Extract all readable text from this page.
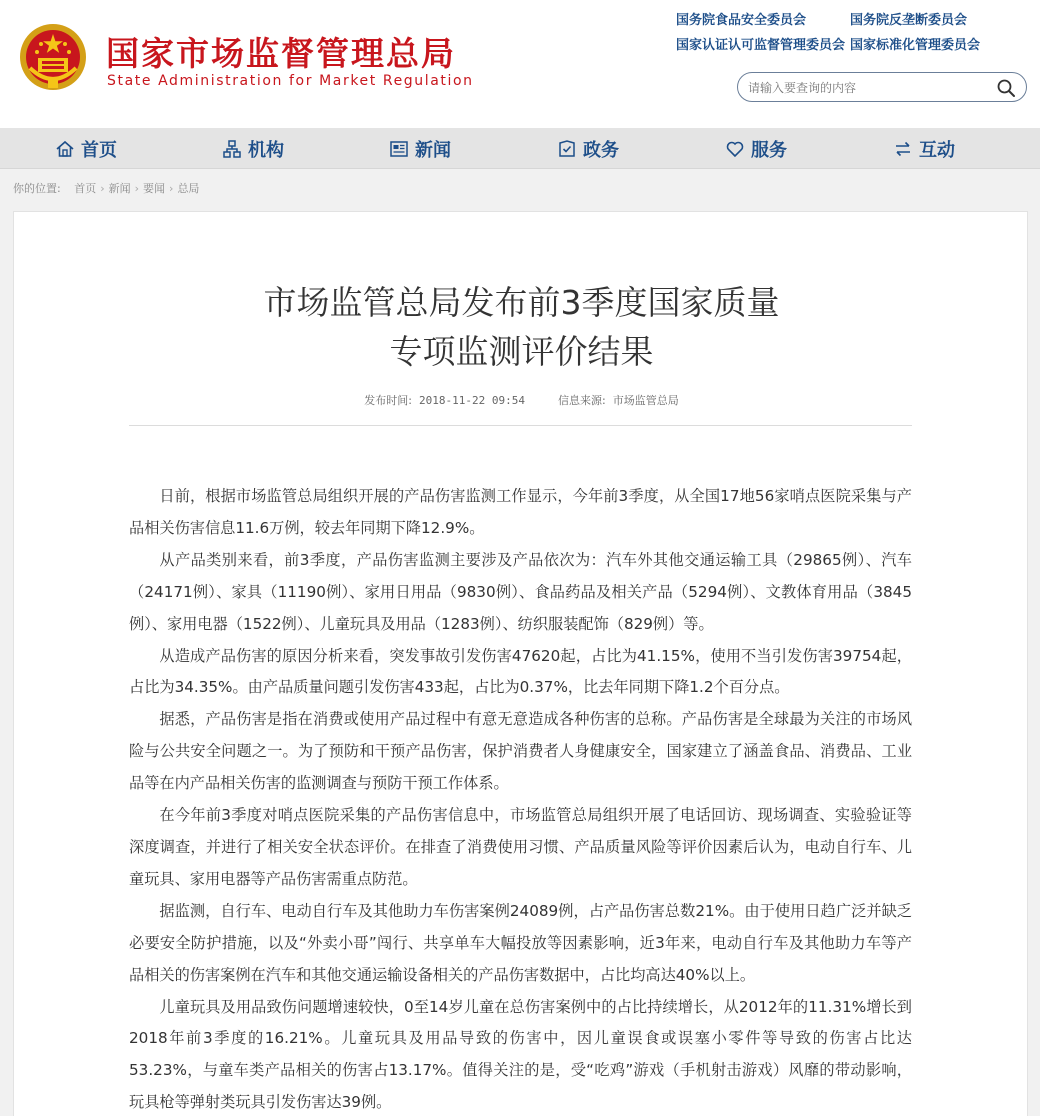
国家市场监督管理总局
State Administration for Market Regulation
国务院食品安全委员会	国务院反垄断委员会国家认证认可监督管理委员会 国家标准化管理委员会
请输入要查询的内容
首页	机构	新闻	政务	服务	互动
你的位置: 首页 › 新闻 › 要闻 › 总局
市场监管总局发布前3季度国家质量
专项监测评价结果
发布时间: 2018-11-22 09:54	信息来源: 市场监管总局

日前，根据市场监管总局组织开展的产品伤害监测工作显示，今年前3季度，从全国17地56家哨点医院采集与产品相关伤害信息11.6万例，较去年同期下降12.9%。

从产品类别来看，前3季度，产品伤害监测主要涉及产品依次为：汽车外其他交通运输工具（29865例）、汽车（24171例）、家具（11190例）、家用日用品（9830例）、食品药品及相关产品（5294例）、文教体育用品（3845例）、家用电器（1522例）、儿童玩具及用品（1283例）、纺织服装配饰（829例）等。

从造成产品伤害的原因分析来看，突发事故引发伤害47620起，占比为41.15%，使用不当引发伤害39754起，占比为34.35%。由产品质量问题引发伤害433起，占比为0.37%，比去年同期下降1.2个百分点。

据悉，产品伤害是指在消费或使用产品过程中有意无意造成各种伤害的总称。产品伤害是全球最为关注的市场风险与公共安全问题之一。为了预防和干预产品伤害，保护消费者人身健康安全，国家建立了涵盖食品、消费品、工业品等在内产品相关伤害的监测调查与预防干预工作体系。

在今年前3季度对哨点医院采集的产品伤害信息中，市场监管总局组织开展了电话回访、现场调查、实验验证等深度调查，并进行了相关安全状态评价。在排查了消费使用习惯、产品质量风险等评价因素后认为，电动自行车、儿童玩具、家用电器等产品伤害需重点防范。

据监测，自行车、电动自行车及其他助力车伤害案例24089例，占产品伤害总数21%。由于使用日趋广泛并缺乏必要安全防护措施，以及“外卖小哥”闯行、共享单车大幅投放等因素影响，近3年来，电动自行车及其他助力车等产品相关的伤害案例在汽车和其他交通运输设备相关的产品伤害数据中，占比均高达40%以上。

儿童玩具及用品致伤问题增速较快，0至14岁儿童在总伤害案例中的占比持续增长，从2012年的11.31%增长到2018年前3季度的16.21%。儿童玩具及用品导致的伤害中，因儿童误食或误塞小零件等导致的伤害占比达53.23%，与童车类产品相关的伤害占13.17%。值得关注的是，受“吃鸡”游戏（手机射击游戏）风靡的带动影响，玩具枪等弹射类玩具引发伤害达39例。
